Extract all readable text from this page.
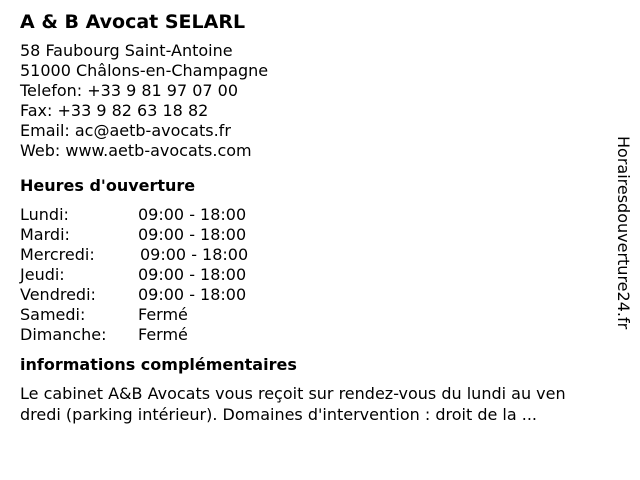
A & B Avocat SELARL
58 Faubourg Saint-Antoine
51000 Châlons-en-Champagne
Telefon: +33 9 81 97 07 00
Fax: +33 9 82 63 18 82
Email: ac@aetb-avocats.fr
Web: www.aetb-avocats.com
Heures d'ouverture
Lundi:	09:00 - 18:00
Mardi:	09:00 - 18:00
Mercredi:	09:00 - 18:00
Jeudi:	09:00 - 18:00
Vendredi:	09:00 - 18:00
Samedi:	Fermé
Dimanche: Fermé
informations complémentaires
Le cabinet A&B Avocats vous reçoit sur rendez-vous du lundi au ven
dredi (parking intérieur). Domaines d'intervention : droit de la ...
Horairesdouverture24.fr
